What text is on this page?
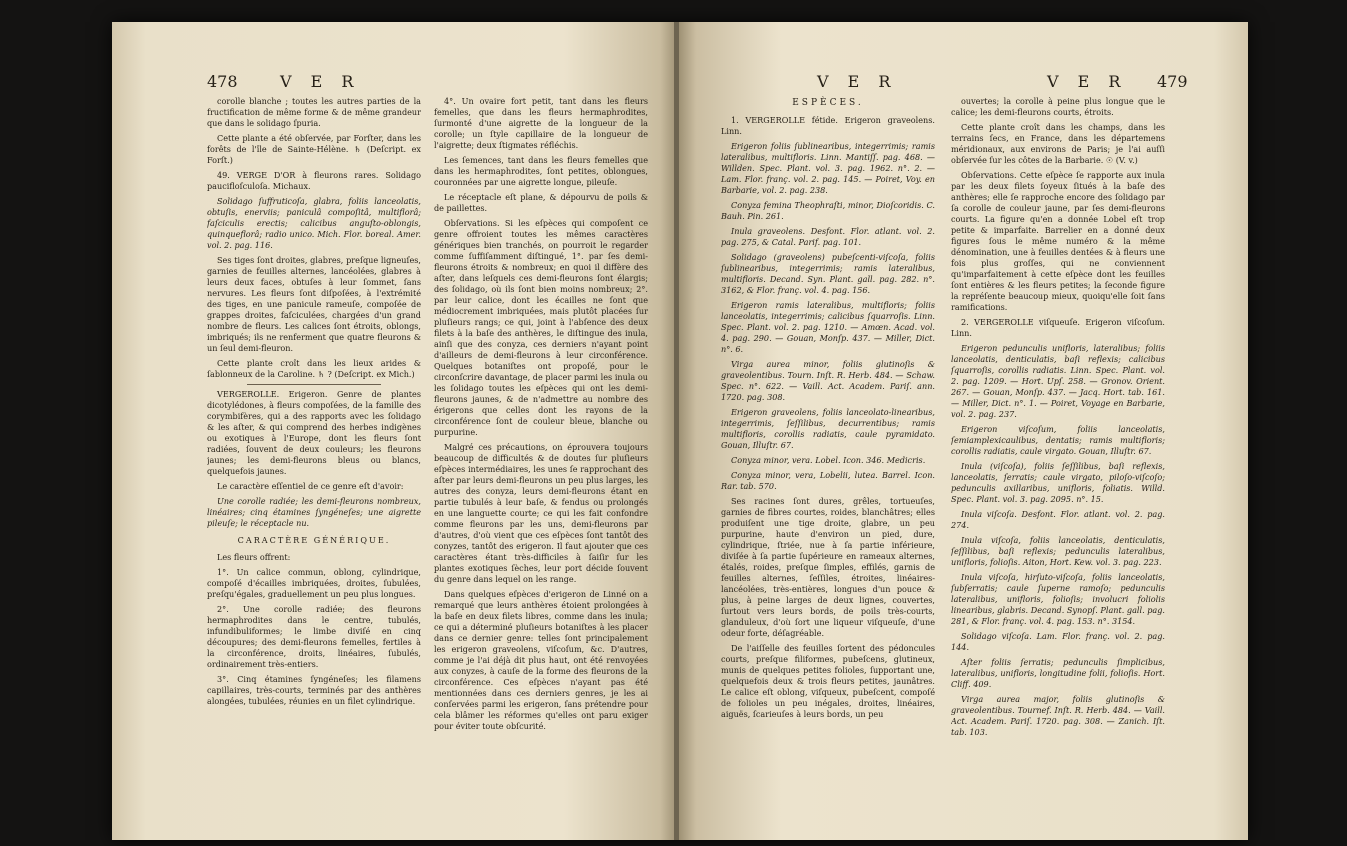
478	V E R

corolle blanche ; toutes les autres parties de la fructification de même forme & de même grandeur que dans le solidago ſpuria.

Cette plante a été obſervée, par Forſter, dans les forêts de l'île de Sainte-Hélène. ♄ (Deſcript. ex Forſt.)

49. VERGE D'OR à fleurons rares. Solidago paucifloſculoſa. Michaux.

Solidago ſuffruticoſa, glabra, foliis lanceolatis, obtuſis, enerviis; paniculâ compoſitâ, multiflorâ; faſciculis erectis; calicibus anguſto-oblongis, quinqueflorâ; radio unico. Mich. Flor. boreal. Amer. vol. 2. pag. 116.

Ses tiges ſont droites, glabres, preſque ligneuſes, garnies de feuilles alternes, lancéolées, glabres à leurs deux faces, obtuſes à leur ſommet, ſans nervures. Les fleurs ſont diſpoſées, à l'extrémité des tiges, en une panicule rameuſe, compoſée de grappes droites, faſciculées, chargées d'un grand nombre de fleurs. Les calices ſont étroits, oblongs, imbriqués; ils ne renferment que quatre fleurons & un ſeul demi-fleuron.

Cette plante croît dans les lieux arides & ſablonneux de la Caroline. ♄ ? (Deſcript. ex Mich.)

VERGEROLLE. Erigeron. Genre de plantes dicotylédones, à fleurs compoſées, de la famille des corymbifères, qui a des rapports avec les ſolidago & les aſter, & qui comprend des herbes indigènes ou exotiques à l'Europe, dont les fleurs ſont radiées, ſouvent de deux couleurs; les fleurons jaunes; les demi-fleurons bleus ou blancs, quelquefois jaunes.

Le caractère eſſentiel de ce genre eſt d'avoir:

Une corolle radiée; les demi-fleurons nombreux, linéaires; cinq étamines ſyngéneſes; une aigrette pileuſe; le réceptacle nu.

CARACTÈRE GÉNÉRIQUE.

Les fleurs offrent:

1°. Un calice commun, oblong, cylindrique, compoſé d'écailles imbriquées, droites, ſubulées, preſqu'égales, graduellement un peu plus longues.

2°. Une corolle radiée; des fleurons hermaphrodites dans le centre, tubulés, infundibuliformes; le limbe diviſé en cinq découpures; des demi-fleurons femelles, fertiles à la circonférence, droits, linéaires, ſubulés, ordinairement très-entiers.

3°. Cinq étamines ſyngéneſes; les filamens capillaires, très-courts, terminés par des anthères alongées, tubulées, réunies en un filet cylindrique.

4°. Un ovaire fort petit, tant dans les fleurs femelles, que dans les fleurs hermaphrodites, ſurmonté d'une aigrette de la longueur de la corolle; un ſtyle capillaire de la longueur de l'aigrette; deux ſtigmates réfléchis.

Les ſemences, tant dans les fleurs femelles que dans les hermaphrodites, ſont petites, oblongues, couronnées par une aigrette longue, pileuſe.

Le réceptacle eſt plane, & dépourvu de poils & de paillettes.

Obſervations. Si les eſpèces qui compoſent ce genre offroient toutes les mêmes caractères génériques bien tranchés, on pourroit le regarder comme ſuffiſamment diſtingué, 1°. par ſes demi-fleurons étroits & nombreux; en quoi il diffère des aſter, dans leſquels ces demi-fleurons ſont élargis; des ſolidago, où ils ſont bien moins nombreux; 2°. par leur calice, dont les écailles ne ſont que médiocrement imbriquées, mais plutôt placées ſur pluſieurs rangs; ce qui, joint à l'abſence des deux filets à la baſe des anthères, le diſtingue des inula, ainſi que des conyza, ces derniers n'ayant point d'ailleurs de demi-fleurons à leur circonférence. Quelques botaniſtes ont propoſé, pour le circonſcrire davantage, de placer parmi les inula ou les ſolidago toutes les eſpèces qui ont les demi-fleurons jaunes, & de n'admettre au nombre des érigerons que celles dont les rayons de la circonférence ſont de couleur bleue, blanche ou purpurine.

Malgré ces précautions, on éprouvera toujours beaucoup de difficultés & de doutes ſur pluſieurs eſpèces intermédiaires, les unes ſe rapprochant des aſter par leurs demi-fleurons un peu plus larges, les autres des conyza, leurs demi-fleurons étant en partie tubulés à leur baſe, & fendus ou prolongés en une languette courte; ce qui les fait confondre comme fleurons par les uns, demi-fleurons par d'autres, d'où vient que ces eſpèces ſont tantôt des conyzes, tantôt des erigeron. Il faut ajouter que ces caractères étant très-difficiles à ſaiſir ſur les plantes exotiques ſèches, leur port décide ſouvent du genre dans lequel on les range.

Dans quelques eſpèces d'erigeron de Linné on a remarqué que leurs anthères étoient prolongées à la baſe en deux filets libres, comme dans les inula; ce qui a déterminé pluſieurs botaniſtes à les placer dans ce dernier genre: telles ſont principalement les erigeron graveolens, viſcoſum, &c. D'autres, comme je l'ai déjà dit plus haut, ont été renvoyées aux conyzes, à cauſe de la forme des fleurons de la circonférence. Ces eſpèces n'ayant pas été mentionnées dans ces derniers genres, je les ai conſervées parmi les erigeron, ſans prétendre pour cela blâmer les réformes qu'elles ont paru exiger pour éviter toute obſcurité.

V E R	V E R 479

ESPÈCES.

1. VERGEROLLE fétide. Erigeron graveolens. Linn.

Erigeron foliis ſublinearibus, integerrimis; ramis lateralibus, multifloris. Linn. Mantiſſ. pag. 468. — Willden. Spec. Plant. vol. 3. pag. 1962. n°. 2. — Lam. Flor. franç. vol. 2. pag. 145. — Poiret, Voy. en Barbarie, vol. 2. pag. 238.

Conyza femina Theophraſti, minor, Dioſcoridis. C. Bauh. Pin. 261.

Inula graveolens. Desfont. Flor. atlant. vol. 2. pag. 275, & Catal. Parif. pag. 101.

Solidago (graveolens) pubeſcenti-viſcoſa, foliis ſublinearibus, integerrimis; ramis lateralibus, multifloris. Decand. Syn. Plant. gall. pag. 282. n°. 3162, & Flor. franç. vol. 4. pag. 156.

Erigeron ramis lateralibus, multifloris; foliis lanceolatis, integerrimis; calicibus ſquarroſis. Linn. Spec. Plant. vol. 2. pag. 1210. — Amœn. Acad. vol. 4. pag. 290. — Gouan, Monſp. 437. — Miller, Dict. n°. 6.

Virga aurea minor, foliis glutinoſis & graveolentibus. Tourn. Inſt. R. Herb. 484. — Schaw. Spec. n°. 622. — Vaill. Act. Academ. Pariſ. ann. 1720. pag. 308.

Erigeron graveolens, foliis lanceolato-linearibus, integerrimis, ſeſſilibus, decurrentibus; ramis multifloris, corollis radiatis, caule pyramidato. Gouan, Illuſtr. 67.

Conyza minor, vera. Lobel. Icon. 346. Medicris.

Conyza minor, vera, Lobelii, lutea. Barrel. Icon. Rar. tab. 570.

Ses racines ſont dures, grêles, tortueuſes, garnies de fibres courtes, roides, blanchâtres; elles produiſent une tige droite, glabre, un peu purpurine, haute d'environ un pied, dure, cylindrique, ſtriée, nue à ſa partie inférieure, diviſée à ſa partie ſupérieure en rameaux alternes, étalés, roides, preſque ſimples, effilés, garnis de feuilles alternes, ſeſſiles, étroites, linéaires-lancéolées, très-entières, longues d'un pouce & plus, à peine larges de deux lignes, couvertes, ſurtout vers leurs bords, de poils très-courts, glanduleux, d'où ſort une liqueur viſqueuſe, d'une odeur forte, déſagréable.

De l'aiſſelle des feuilles ſortent des pédoncules courts, preſque filiformes, pubeſcens, glutineux, munis de quelques petites folioles, ſupportant une, quelquefois deux & trois fleurs petites, jaunâtres. Le calice eſt oblong, viſqueux, pubeſcent, compoſé de folioles un peu inégales, droites, linéaires, aiguës, ſcarieuſes à leurs bords, un peu

ouvertes; la corolle à peine plus longue que le calice; les demi-fleurons courts, étroits.

Cette plante croît dans les champs, dans les terrains ſecs, en France, dans les départemens méridionaux, aux environs de Paris; je l'ai auſſi obſervée ſur les côtes de la Barbarie. ☉ (V. v.)

Obſervations. Cette eſpèce ſe rapporte aux inula par les deux filets ſoyeux ſitués à la baſe des anthères; elle ſe rapproche encore des ſolidago par ſa corolle de couleur jaune, par ſes demi-fleurons courts. La figure qu'en a donnée Lobel eſt trop petite & imparfaite. Barrelier en a donné deux figures ſous le même numéro & la même dénomination, une à feuilles dentées & à fleurs une fois plus groſſes, qui ne conviennent qu'imparfaitement à cette eſpèce dont les feuilles ſont entières & les fleurs petites; la ſeconde figure la repréſente beaucoup mieux, quoiqu'elle ſoit ſans ramifications.

2. VERGEROLLE viſqueuſe. Erigeron viſcoſum. Linn.

Erigeron pedunculis unifloris, lateralibus; foliis lanceolatis, denticulatis, baſi reflexis; calicibus ſquarroſis, corollis radiatis. Linn. Spec. Plant. vol. 2. pag. 1209. — Hort. Upſ. 258. — Gronov. Orient. 267. — Gouan, Monſp. 437. — Jacq. Hort. tab. 161. — Miller, Dict. n°. 1. — Poiret, Voyage en Barbarie, vol. 2. pag. 237.

Erigeron viſcoſum, foliis lanceolatis, ſemiamplexicaulibus, dentatis; ramis multifloris; corollis radiatis, caule virgato. Gouan, Illuſtr. 67.

Inula (viſcoſa), foliis ſeſſilibus, baſi reflexis, lanceolatis, ſerratis; caule virgato, piloſo-viſcoſo; pedunculis axillaribus, unifloris, foliatis. Willd. Spec. Plant. vol. 3. pag. 2095. n°. 15.

Inula viſcoſa. Desfont. Flor. atlant. vol. 2. pag. 274.

Inula viſcoſa, foliis lanceolatis, denticulatis, ſeſſilibus, baſi reflexis; pedunculis lateralibus, unifloris, folioſis. Aiton, Hort. Kew. vol. 3. pag. 223.

Inula viſcoſa, hirſuto-viſcoſa, foliis lanceolatis, ſubſerratis; caule ſuperne ramoſo; pedunculis lateralibus, unifloris, folioſis; involucri foliolis linearibus, glabris. Decand. Synopſ. Plant. gall. pag. 281, & Flor. franç. vol. 4. pag. 153. n°. 3154.

Solidago viſcoſa. Lam. Flor. franç. vol. 2. pag. 144.

Aſter foliis ſerratis; pedunculis ſimplicibus, lateralibus, unifloris, longitudine folii, folioſis. Hort. Cliff. 409.

Virga aurea major, foliis glutinoſis & graveolentibus. Tournef. Inſt. R. Herb. 484. — Vaill. Act. Academ. Pariſ. 1720. pag. 308. — Zanich. Iſt. tab. 103.
